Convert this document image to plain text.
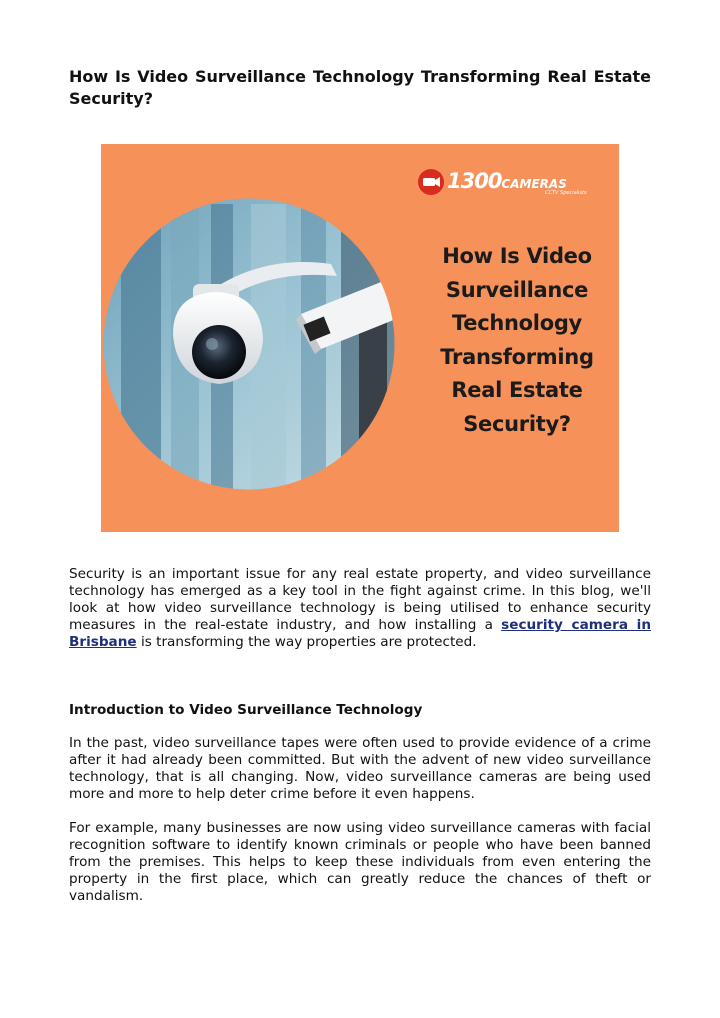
How Is Video Surveillance Technology Transforming Real Estate Security?
1300CAMERAS
CCTV Specialists
How Is Video
Surveillance
Technology
Transforming
Real Estate
Security?

Security is an important issue for any real estate property, and video surveillance technology has emerged as a key tool in the fight against crime. In this blog, we'll look at how video surveillance technology is being utilised to enhance security measures in the real-estate industry, and how installing a security camera in Brisbane is transforming the way properties are protected.

Introduction to Video Surveillance Technology

In the past, video surveillance tapes were often used to provide evidence of a crime after it had already been committed. But with the advent of new video surveillance technology, that is all changing. Now, video surveillance cameras are being used more and more to help deter crime before it even happens.

For example, many businesses are now using video surveillance cameras with facial recognition software to identify known criminals or people who have been banned from the premises. This helps to keep these individuals from even entering the property in the first place, which can greatly reduce the chances of theft or vandalism.
